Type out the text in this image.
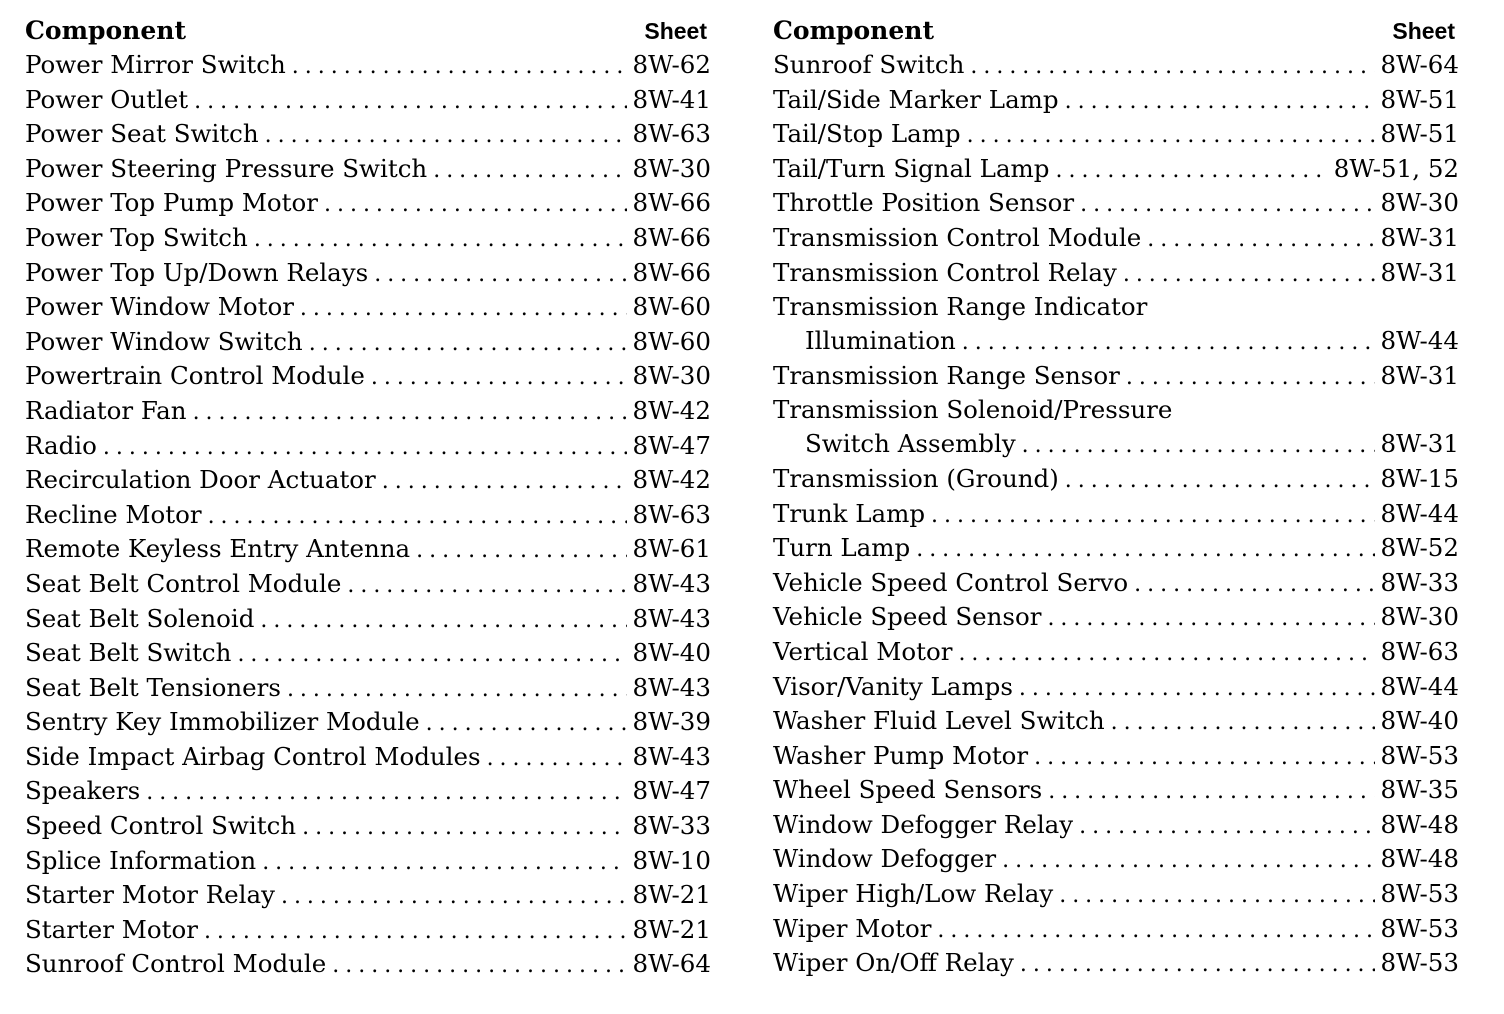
Component	Sheet
Power Mirror Switch . . .	8W-62
Power Outlet . . .	8W-41
Power Seat Switch . . .	8W-63
Power Steering Pressure Switch . . .	8W-30
Power Top Pump Motor . . .	8W-66
Power Top Switch . . .	8W-66
Power Top Up/Down Relays . . .	8W-66
Power Window Motor . . .	8W-60
Power Window Switch . . .	8W-60
Powertrain Control Module . . .	8W-30
Radiator Fan . . .	8W-42
Radio . . .	8W-47
Recirculation Door Actuator . . .	8W-42
Recline Motor . . .	8W-63
Remote Keyless Entry Antenna . . .	8W-61
Seat Belt Control Module . . .	8W-43
Seat Belt Solenoid . . .	8W-43
Seat Belt Switch . . .	8W-40
Seat Belt Tensioners . . .	8W-43
Sentry Key Immobilizer Module . . .	8W-39
Side Impact Airbag Control Modules . . .	8W-43
Speakers . . .	8W-47
Speed Control Switch . . .	8W-33
Splice Information . . .	8W-10
Starter Motor Relay . . .	8W-21
Starter Motor . . .	8W-21
Sunroof Control Module . . .	8W-64
Component	Sheet
Sunroof Switch . . .	8W-64
Tail/Side Marker Lamp . . .	8W-51
Tail/Stop Lamp . . .	8W-51
Tail/Turn Signal Lamp . . .	8W-51, 52
Throttle Position Sensor . . .	8W-30
Transmission Control Module . . .	8W-31
Transmission Control Relay . . .	8W-31
Transmission Range Indicator
Illumination . . .	8W-44
Transmission Range Sensor . . .	8W-31
Transmission Solenoid/Pressure
Switch Assembly . . .	8W-31
Transmission (Ground) . . .	8W-15
Trunk Lamp . . .	8W-44
Turn Lamp . . .	8W-52
Vehicle Speed Control Servo . . .	8W-33
Vehicle Speed Sensor . . .	8W-30
Vertical Motor . . .	8W-63
Visor/Vanity Lamps . . .	8W-44
Washer Fluid Level Switch . . .	8W-40
Washer Pump Motor . . .	8W-53
Wheel Speed Sensors . . .	8W-35
Window Defogger Relay . . .	8W-48
Window Defogger . . .	8W-48
Wiper High/Low Relay . . .	8W-53
Wiper Motor . . .	8W-53
Wiper On/Off Relay . . .	8W-53
